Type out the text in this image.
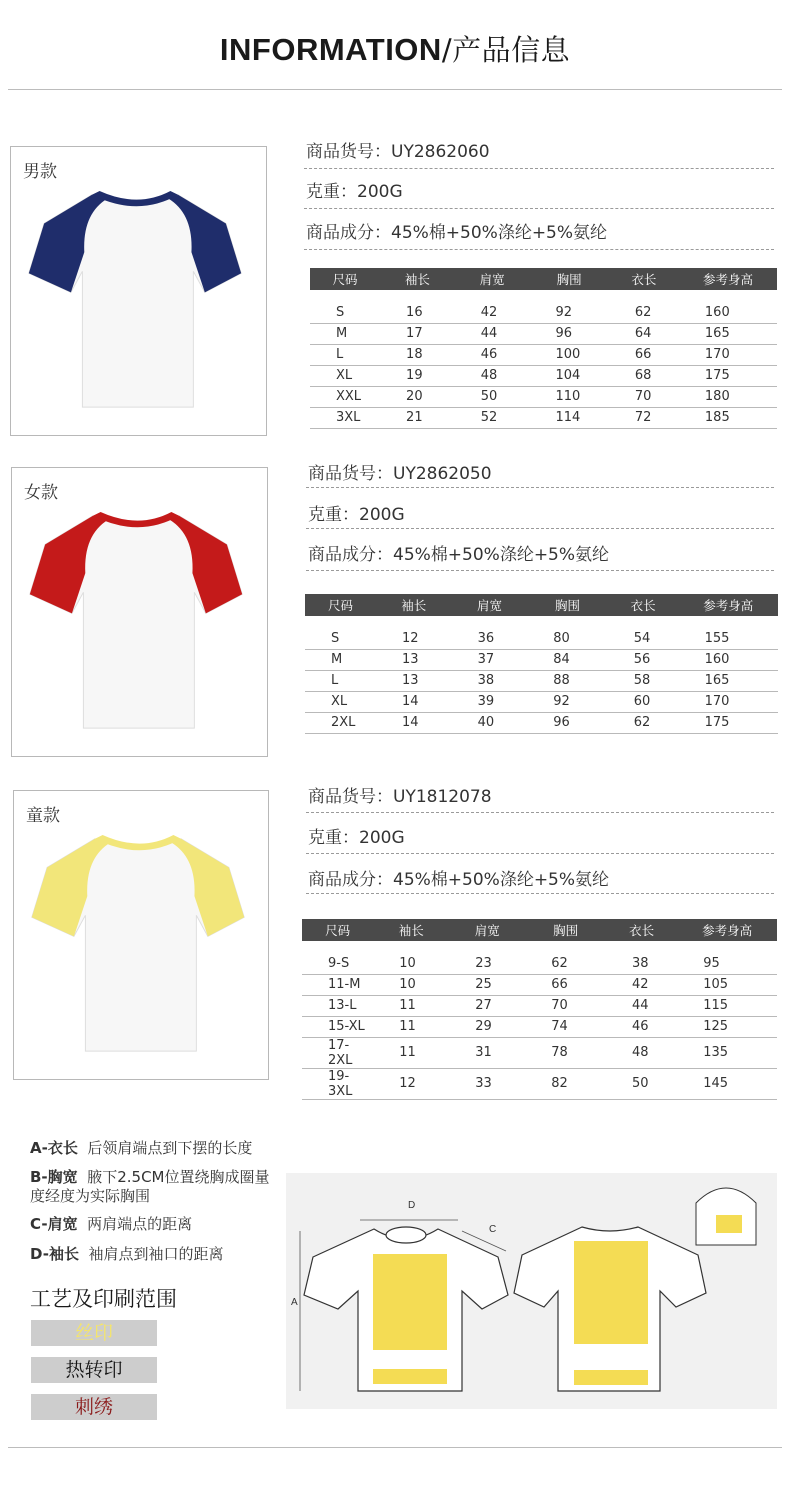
INFORMATION/产品信息
男款
商品货号：UY2862060
克重：200G
商品成分：45%棉+50%涤纶+5%氨纶
尺码	袖长	肩宽	胸围	衣长	参考身高

S	16	42	92	62	160
M	17	44	96	64	165
L	18	46	100	66	170
XL	19	48	104	68	175
XXL	20	50	110	70	180
3XL	21	52	114	72	185
女款
商品货号：UY2862050
克重：200G
商品成分：45%棉+50%涤纶+5%氨纶
尺码	袖长	肩宽	胸围	衣长	参考身高

S	12	36	80	54	155
M	13	37	84	56	160
L	13	38	88	58	165
XL	14	39	92	60	170
2XL	14	40	96	62	175
童款
商品货号：UY1812078
克重：200G
商品成分：45%棉+50%涤纶+5%氨纶
尺码	袖长	肩宽	胸围	衣长	参考身高

9-S	10	23	62	38	95
11-M	10	25	66	42	105
13-L	11	27	70	44	115
15-XL	11	29	74	46	125
17-2XL	11	31	78	48	135
19-3XL	12	33	82	50	145
A-衣长 后领肩端点到下摆的长度
B-胸宽 腋下2.5CM位置绕胸成圈量度经度为实际胸围
C-肩宽 两肩端点的距离
D-袖长 袖肩点到袖口的距离
工艺及印刷范围
丝印
热转印
刺绣
A
C
D
